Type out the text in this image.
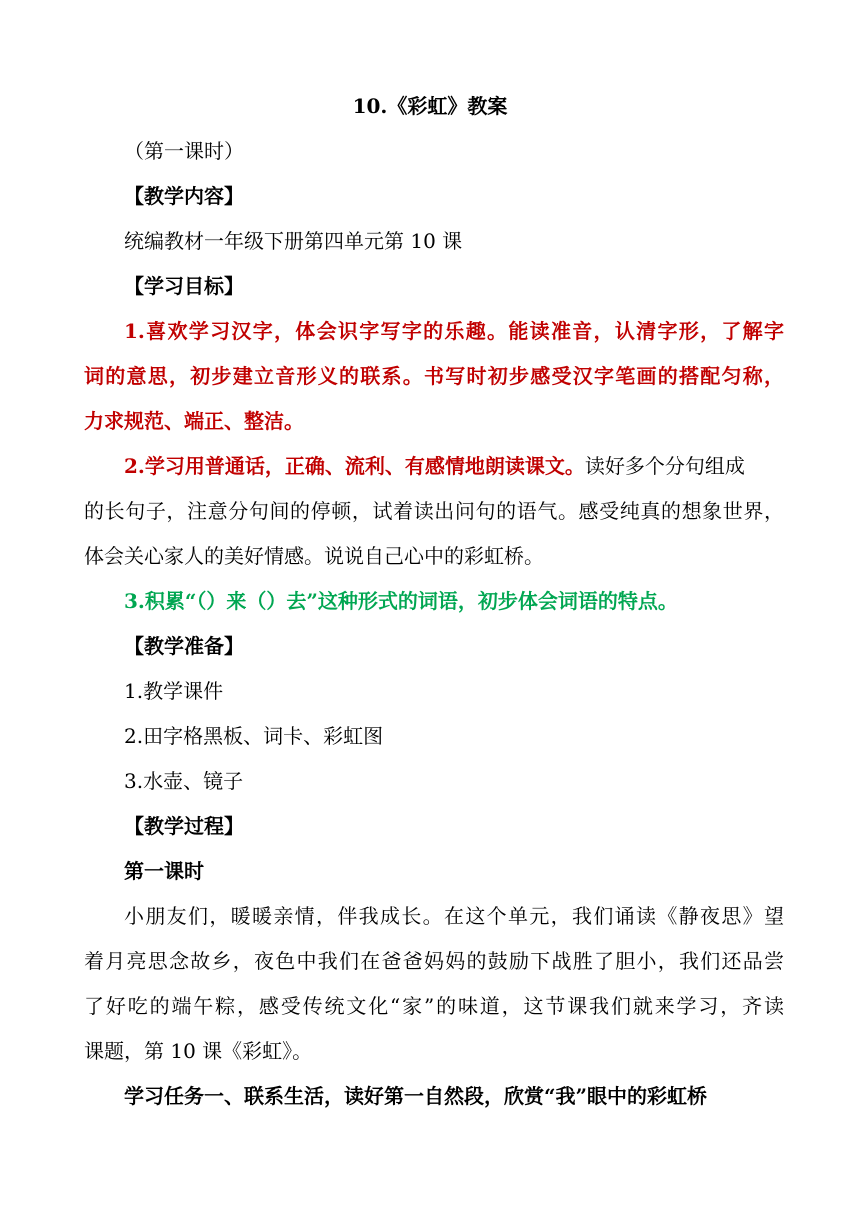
10.《彩虹》教案
（第一课时）
【教学内容】
统编教材一年级下册第四单元第 10 课
【学习目标】
1.喜欢学习汉字，体会识字写字的乐趣。能读准音，认清字形，了解字
词的意思，初步建立音形义的联系。书写时初步感受汉字笔画的搭配匀称，
力求规范、端正、整洁。
2.学习用普通话，正确、流利、有感情地朗读课文。读好多个分句组成
的长句子，注意分句间的停顿，试着读出问句的语气。感受纯真的想象世界，
体会关心家人的美好情感。说说自己心中的彩虹桥。
3.积累“（）来（）去”这种形式的词语，初步体会词语的特点。
【教学准备】
1.教学课件
2.田字格黑板、词卡、彩虹图
3.水壶、镜子
【教学过程】
第一课时
小朋友们，暖暖亲情，伴我成长。在这个单元，我们诵读《静夜思》望
着月亮思念故乡，夜色中我们在爸爸妈妈的鼓励下战胜了胆小，我们还品尝
了好吃的端午粽，感受传统文化“家”的味道，这节课我们就来学习，齐读
课题，第 10 课《彩虹》。
学习任务一、联系生活，读好第一自然段，欣赏“我”眼中的彩虹桥
